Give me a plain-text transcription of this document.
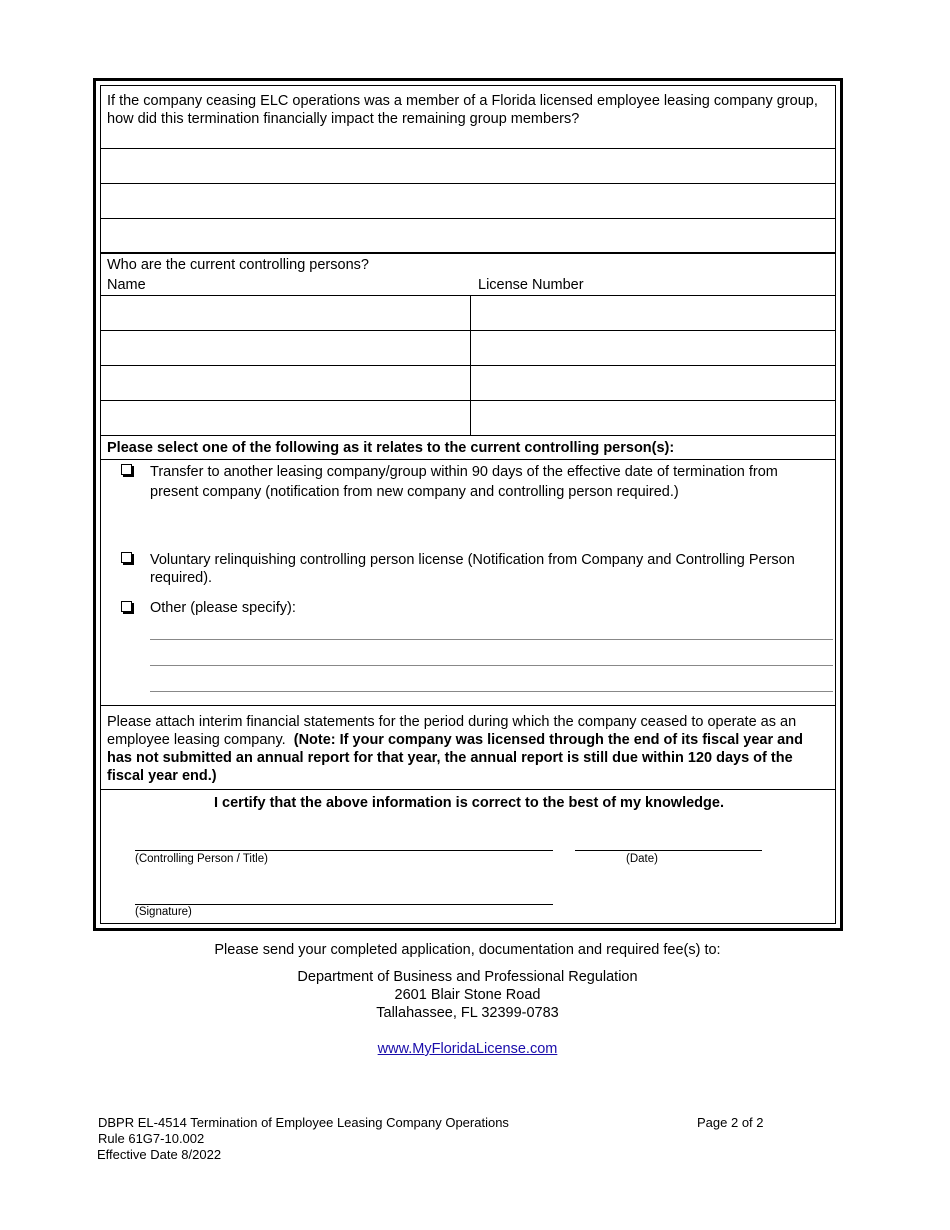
If the company ceasing ELC operations was a member of a Florida licensed employee leasing company group, how did this termination financially impact the remaining group members?
Who are the current controlling persons?
Name	License Number
Please select one of the following as it relates to the current controlling person(s):
Transfer to another leasing company/group within 90 days of the effective date of termination from present company (notification from new company and controlling person required.)
Voluntary relinquishing controlling person license (Notification from Company and Controlling Person required).
Other (please specify):
Please attach interim financial statements for the period during which the company ceased to operate as an employee leasing company. (Note: If your company was licensed through the end of its fiscal year and has not submitted an annual report for that year, the annual report is still due within 120 days of the fiscal year end.)
I certify that the above information is correct to the best of my knowledge.
(Controlling Person / Title)	(Date)
(Signature)
Please send your completed application, documentation and required fee(s) to:
Department of Business and Professional Regulation
2601 Blair Stone Road
Tallahassee, FL 32399-0783
www.MyFloridaLicense.com
DBPR EL-4514 Termination of Employee Leasing Company Operations
Rule 61G7-10.002
Effective Date 8/2022
Page 2 of 2
